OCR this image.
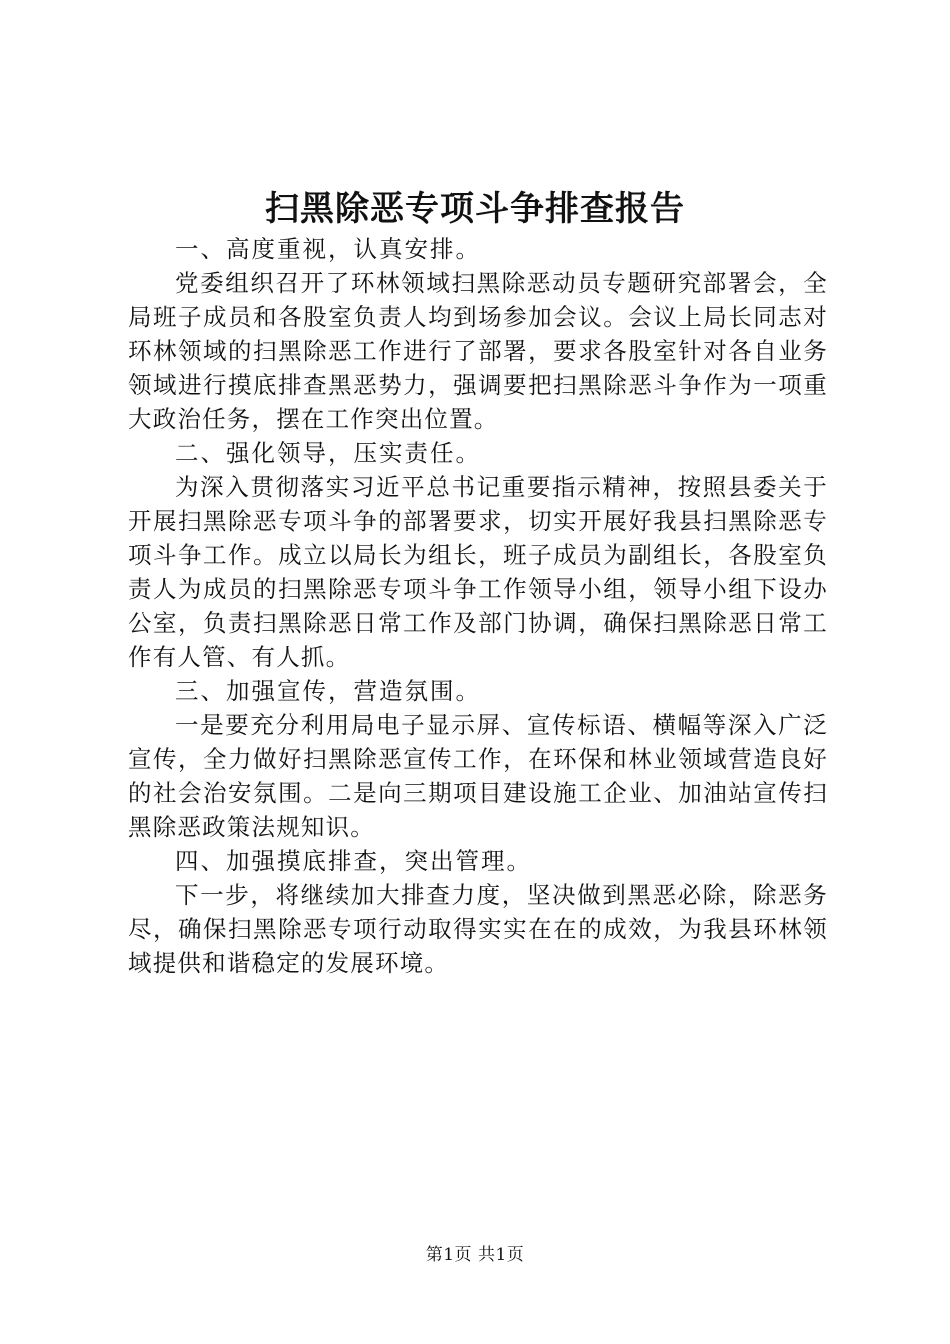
扫黑除恶专项斗争排查报告

一、高度重视，认真安排。

党委组织召开了环林领域扫黑除恶动员专题研究部署会，全局班子成员和各股室负责人均到场参加会议。会议上局长同志对环林领域的扫黑除恶工作进行了部署，要求各股室针对各自业务领域进行摸底排查黑恶势力，强调要把扫黑除恶斗争作为一项重大政治任务，摆在工作突出位置。

二、强化领导，压实责任。

为深入贯彻落实习近平总书记重要指示精神，按照县委关于开展扫黑除恶专项斗争的部署要求，切实开展好我县扫黑除恶专项斗争工作。成立以局长为组长，班子成员为副组长，各股室负责人为成员的扫黑除恶专项斗争工作领导小组，领导小组下设办公室，负责扫黑除恶日常工作及部门协调，确保扫黑除恶日常工作有人管、有人抓。

三、加强宣传，营造氛围。

一是要充分利用局电子显示屏、宣传标语、横幅等深入广泛宣传，全力做好扫黑除恶宣传工作，在环保和林业领域营造良好的社会治安氛围。二是向三期项目建设施工企业、加油站宣传扫黑除恶政策法规知识。

四、加强摸底排查，突出管理。

下一步，将继续加大排查力度，坚决做到黑恶必除，除恶务尽，确保扫黑除恶专项行动取得实实在在的成效，为我县环林领域提供和谐稳定的发展环境。

第1页 共1页
